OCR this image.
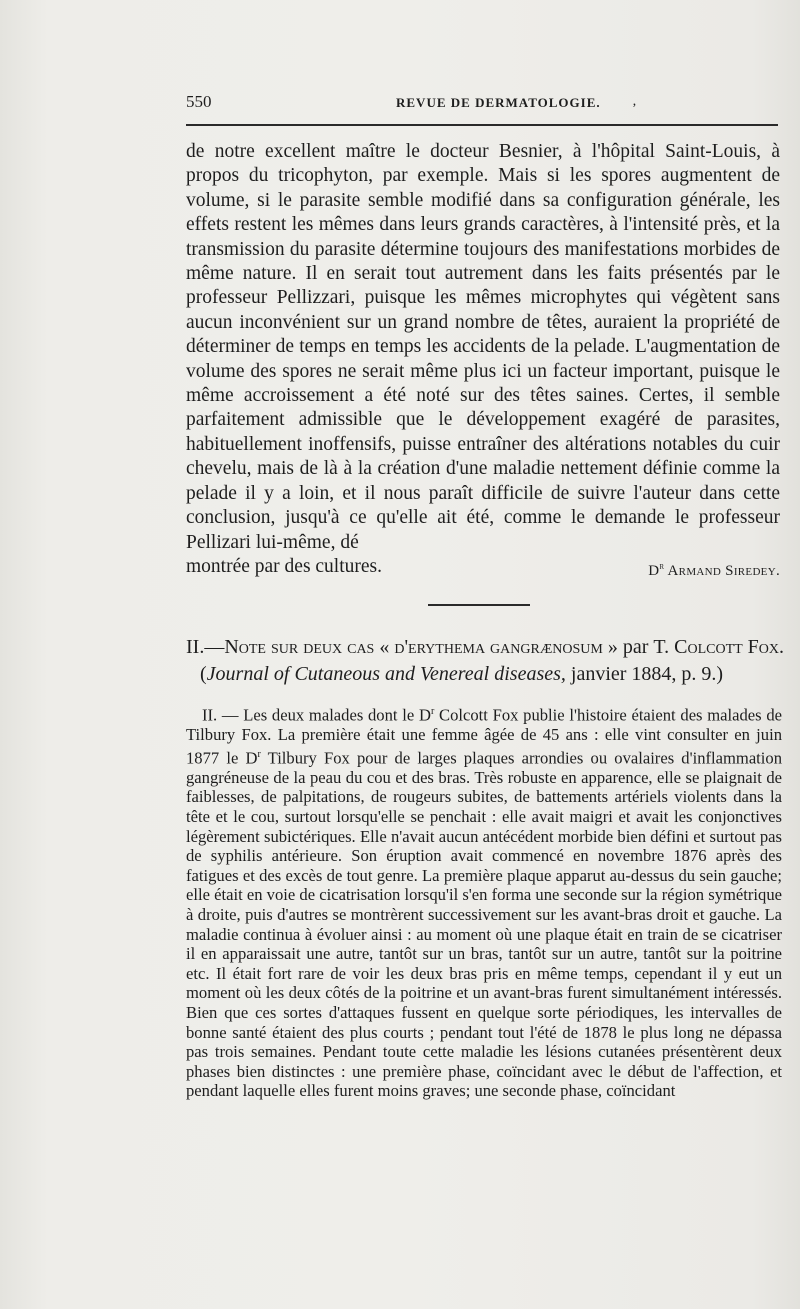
550	REVUE DE DERMATOLOGIE. ‚
de notre excellent maître le docteur Besnier, à l'hôpital Saint-Louis, à propos du tricophyton, par exemple. Mais si les spores augmentent de volume, si le parasite semble modifié dans sa configuration générale, les effets restent les mêmes dans leurs grands caractères, à l'intensité près, et la transmission du parasite détermine toujours des manifestations morbides de même nature. Il en serait tout autrement dans les faits présentés par le professeur Pellizzari, puisque les mêmes microphytes qui végètent sans aucun inconvénient sur un grand nombre de têtes, auraient la propriété de déterminer de temps en temps les accidents de la pelade. L'augmentation de volume des spores ne serait même plus ici un facteur important, puisque le même accroissement a été noté sur des têtes saines. Certes, il semble parfaitement admissible que le développement exagéré de parasites, habituellement inoffensifs, puisse entraîner des altérations notables du cuir chevelu, mais de là à la création d'une maladie nettement définie comme la pelade il y a loin, et il nous paraît difficile de suivre l'auteur dans cette conclusion, jusqu'à ce qu'elle ait été, comme le demande le professeur Pellizari lui-même, dé
montrée par des cultures.	$D^r$ Armand Siredey.
II.—Note sur deux cas « d'erythema gangrænosum » par T. Colcott Fox.
(Journal of Cutaneous and Venereal diseases, janvier 1884, p. 9.)

II. — Les deux malades dont le $D^r$ Colcott Fox publie l'histoire étaient des malades de Tilbury Fox. La première était une femme âgée de 45 ans : elle vint consulter en juin 1877 le $D^r$ Tilbury Fox pour de larges plaques arrondies ou ovalaires d'inflammation gangréneuse de la peau du cou et des bras. Très robuste en apparence, elle se plaignait de faiblesses, de palpitations, de rougeurs subites, de battements artériels violents dans la tête et le cou, surtout lorsqu'elle se penchait : elle avait maigri et avait les conjonctives légèrement subictériques. Elle n'avait aucun antécédent morbide bien défini et surtout pas de syphilis antérieure. Son éruption avait commencé en novembre 1876 après des fatigues et des excès de tout genre. La première plaque apparut au-dessus du sein gauche; elle était en voie de cicatrisation lorsqu'il s'en forma une seconde sur la région symétrique à droite, puis d'autres se montrèrent successivement sur les avant-bras droit et gauche. La maladie continua à évoluer ainsi : au moment où une plaque était en train de se cicatriser il en apparaissait une autre, tantôt sur un bras, tantôt sur un autre, tantôt sur la poitrine etc. Il était fort rare de voir les deux bras pris en même temps, cependant il y eut un moment où les deux côtés de la poitrine et un avant-bras furent simultanément intéressés. Bien que ces sortes d'attaques fussent en quelque sorte périodiques, les intervalles de bonne santé étaient des plus courts ; pendant tout l'été de 1878 le plus long ne dépassa pas trois semaines. Pendant toute cette maladie les lésions cutanées présentèrent deux phases bien distinctes : une première phase, coïncidant avec le début de l'affection, et pendant laquelle elles furent moins graves; une seconde phase, coïncidant
